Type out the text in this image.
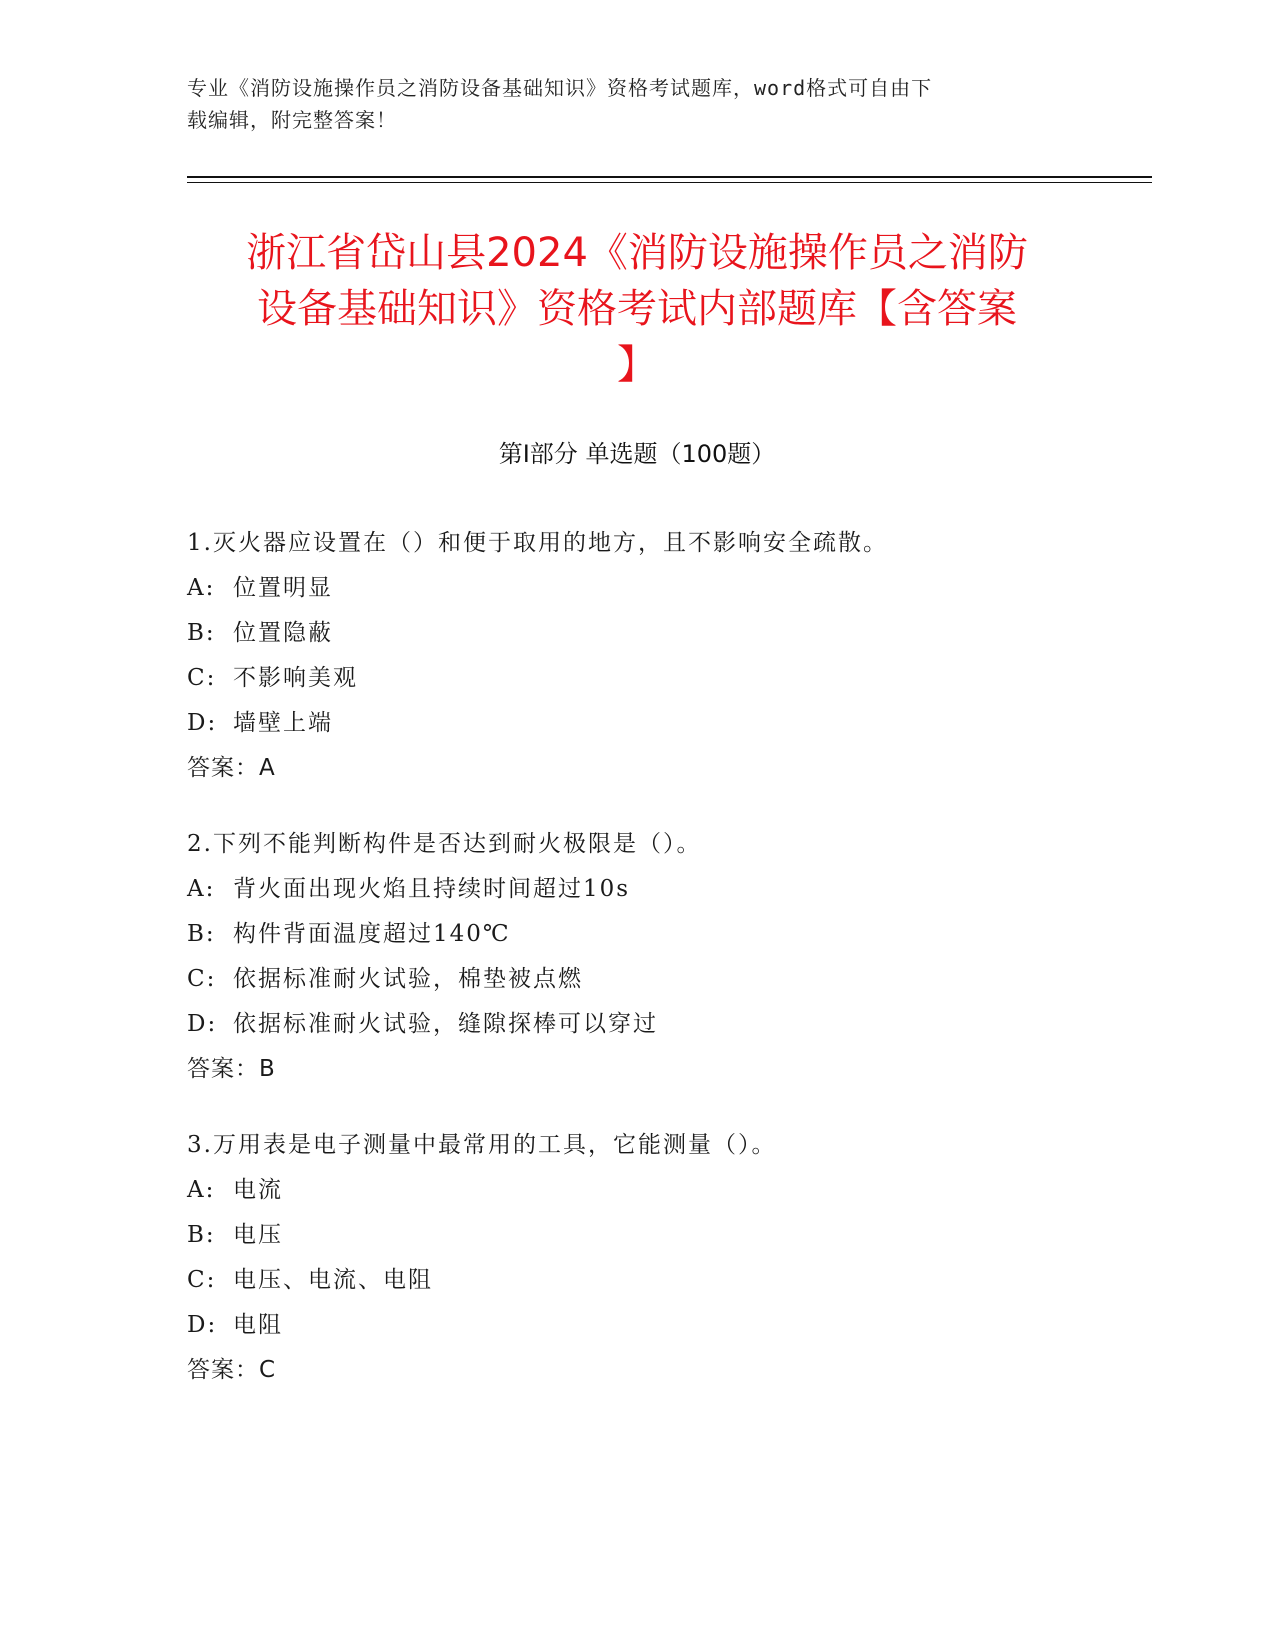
专业《消防设施操作员之消防设备基础知识》资格考试题库，word格式可自由下
载编辑，附完整答案！
浙江省岱山县2024《消防设施操作员之消防
设备基础知识》资格考试内部题库【含答案
】
第I部分 单选题（100题）
1.灭火器应设置在（）和便于取用的地方，且不影响安全疏散。
A: 位置明显
B: 位置隐蔽
C: 不影响美观
D: 墙壁上端
答案：A
2.下列不能判断构件是否达到耐火极限是（）。
A: 背火面出现火焰且持续时间超过10s
B: 构件背面温度超过140℃
C: 依据标准耐火试验，棉垫被点燃
D: 依据标准耐火试验，缝隙探棒可以穿过
答案：B
3.万用表是电子测量中最常用的工具，它能测量（）。
A: 电流
B: 电压
C: 电压、电流、电阻
D: 电阻
答案：C
